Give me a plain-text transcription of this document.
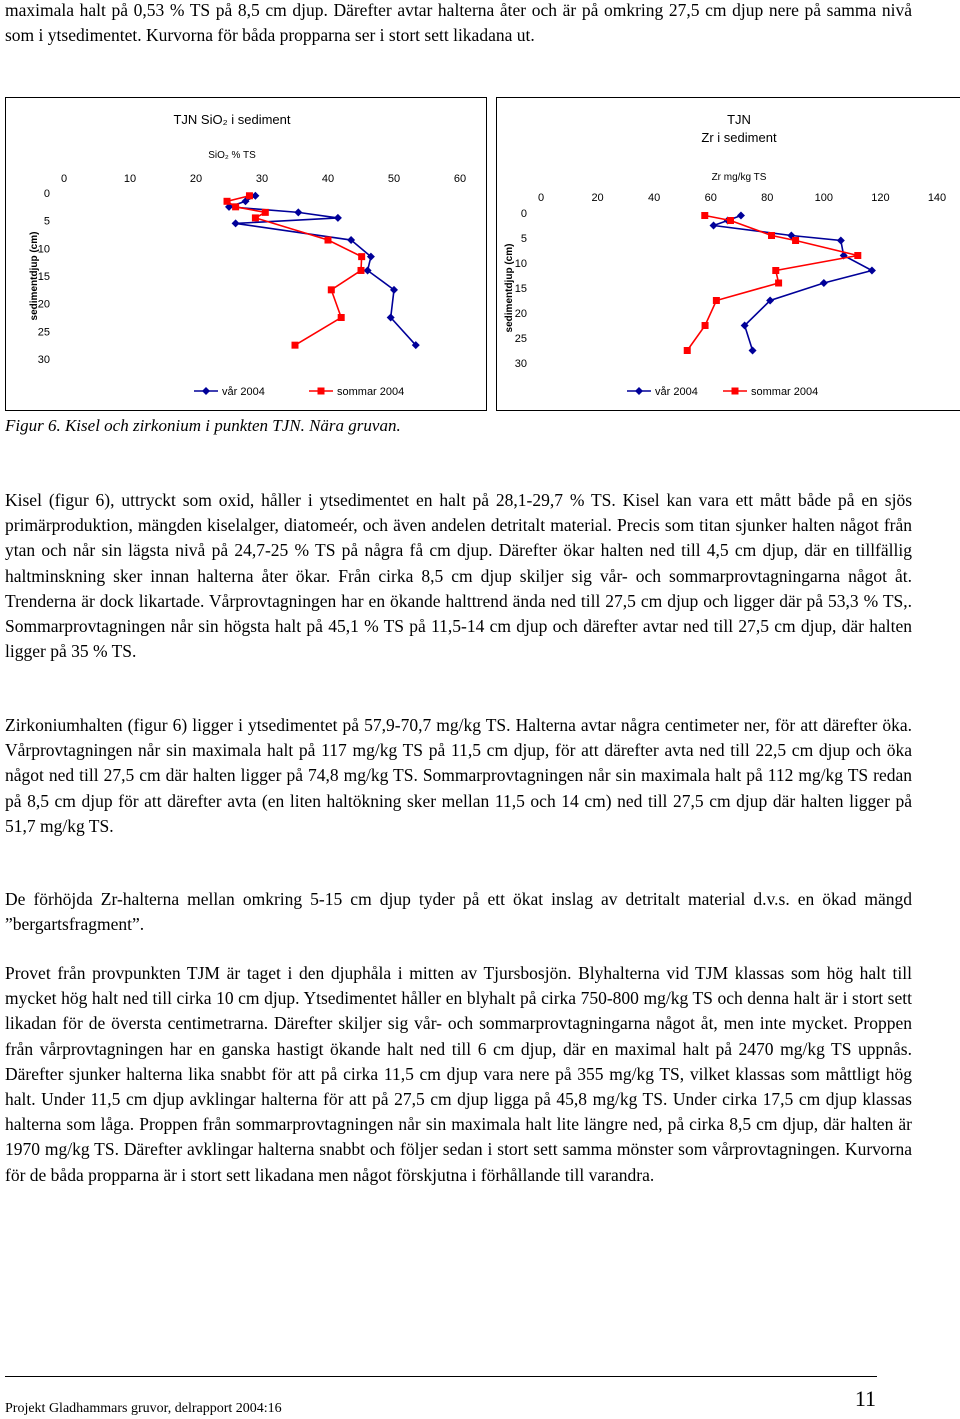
maximala halt på 0,53 % TS på 8,5 cm djup. Därefter avtar halterna åter och är på omkring 27,5 cm djup nere på samma nivå som i ytsedimentet. Kurvorna för båda propparna ser i stort sett likadana ut.

TJN SiO₂ i sediment
SiO₂ % TS
sedimentdjup (cm)
0	10	20	30	40	50	60
0
5
10
15
20
25
30
vår 2004	sommar 2004
TJN
Zr i sediment
Zr mg/kg TS
sedimentdjup (cm)
0	20	40	60	80	100	120	140
0
5
10
15
20
25
30
vår 2004	sommar 2004

Figur 6. Kisel och zirkonium i punkten TJN. Nära gruvan.

Kisel (figur 6), uttryckt som oxid, håller i ytsedimentet en halt på 28,1-29,7 % TS. Kisel kan vara ett mått både på en sjös primärproduktion, mängden kiselalger, diatomeér, och även andelen detritalt material. Precis som titan sjunker halten något från ytan och når sin lägsta nivå på 24,7-25 % TS på några få cm djup. Därefter ökar halten ned till 4,5 cm djup, där en tillfällig haltminskning sker innan halterna åter ökar. Från cirka 8,5 cm djup skiljer sig vår- och sommarprovtagningarna något åt. Trenderna är dock likartade. Vårprovtagningen har en ökande halttrend ända ned till 27,5 cm djup och ligger där på 53,3 % TS,. Sommarprovtagningen når sin högsta halt på 45,1 % TS på 11,5-14 cm djup och därefter avtar ned till 27,5 cm djup, där halten ligger på 35 % TS.

Zirkoniumhalten (figur 6) ligger i ytsedimentet på 57,9-70,7 mg/kg TS. Halterna avtar några centimeter ner, för att därefter öka. Vårprovtagningen når sin maximala halt på 117 mg/kg TS på 11,5 cm djup, för att därefter avta ned till 22,5 cm djup och öka något ned till 27,5 cm där halten ligger på 74,8 mg/kg TS. Sommarprovtagningen når sin maximala halt på 112 mg/kg TS redan på 8,5 cm djup för att därefter avta (en liten haltökning sker mellan 11,5 och 14 cm) ned till 27,5 cm djup där halten ligger på 51,7 mg/kg TS.

De förhöjda Zr-halterna mellan omkring 5-15 cm djup tyder på ett ökat inslag av detritalt material d.v.s. en ökad mängd ”bergartsfragment”.

Provet från provpunkten TJM är taget i den djuphåla i mitten av Tjursbosjön. Blyhalterna vid TJM klassas som hög halt till mycket hög halt ned till cirka 10 cm djup. Ytsedimentet håller en blyhalt på cirka 750-800 mg/kg TS och denna halt är i stort sett likadan för de översta centimetrarna. Därefter skiljer sig vår- och sommarprovtagningarna något åt, men inte mycket. Proppen från vårprovtagningen har en ganska hastigt ökande halt ned till 6 cm djup, där en maximal halt på 2470 mg/kg TS uppnås. Därefter sjunker halterna lika snabbt för att på cirka 11,5 cm djup vara nere på 355 mg/kg TS, vilket klassas som måttligt hög halt. Under 11,5 cm djup avklingar halterna för att på 27,5 cm djup ligga på 45,8 mg/kg TS. Under cirka 17,5 cm djup klassas halterna som låga. Proppen från sommarprovtagningen når sin maximala halt lite längre ned, på cirka 8,5 cm djup, där halten är 1970 mg/kg TS. Därefter avklingar halterna snabbt och följer sedan i stort sett samma mönster som vårprovtagningen. Kurvorna för de båda propparna är i stort sett likadana men något förskjutna i förhållande till varandra.

Projekt Gladhammars gruvor, delrapport 2004:16	11
